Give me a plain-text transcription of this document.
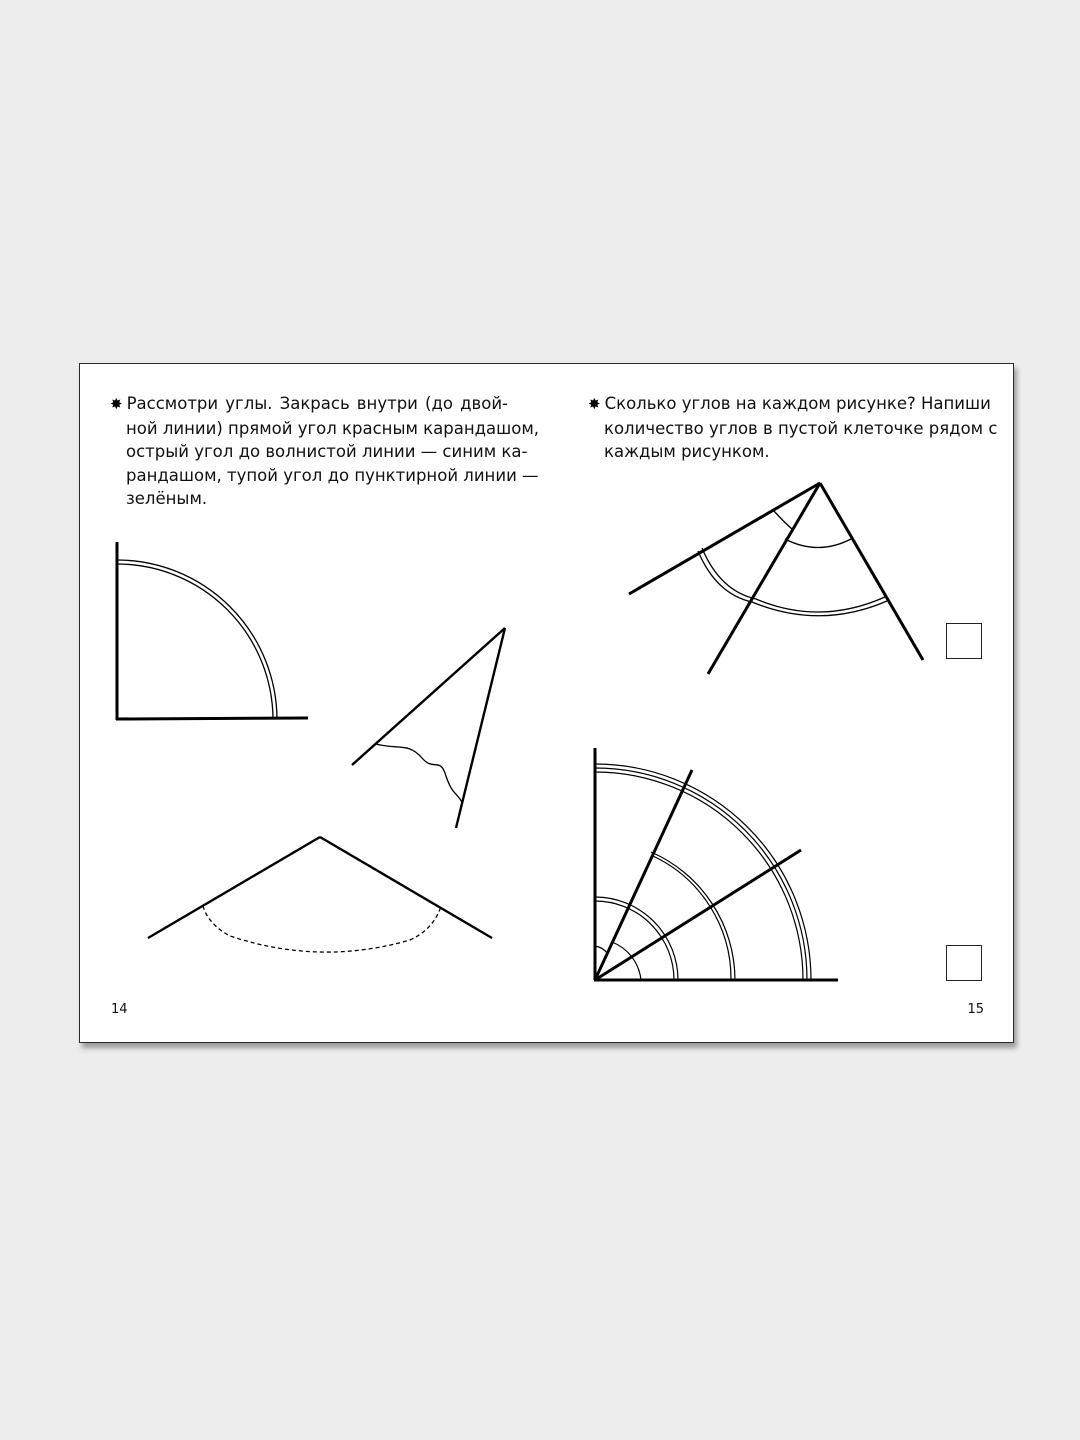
✸ Рассмотри углы. Закрась внутри (до двой-
ной линии) прямой угол красным карандашом,
острый угол до волнистой линии — синим ка-
рандашом, тупой угол до пунктирной линии —
зелёным.
✸ Сколько углов на каждом рисунке? Напиши
количество углов в пустой клеточке рядом с
каждым рисунком.
14	15
